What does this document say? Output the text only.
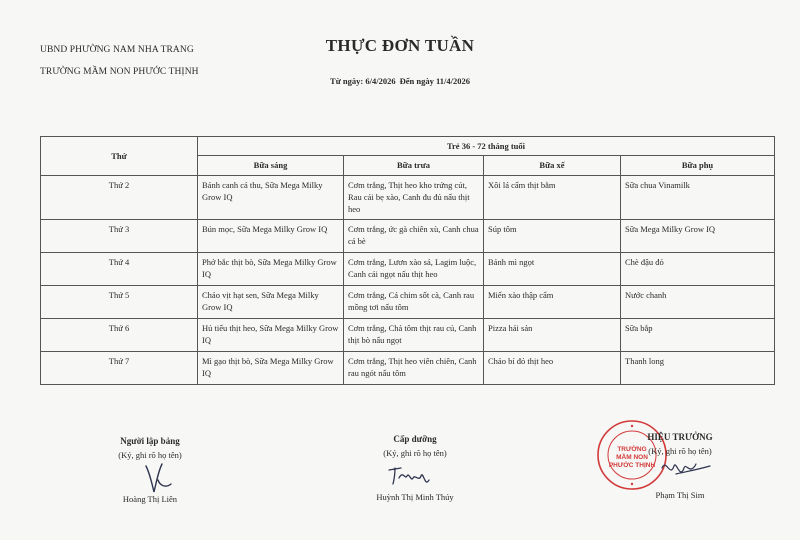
UBND PHƯỜNG NAM NHA TRANG
TRƯỜNG MẦM NON PHƯỚC THỊNH
THỰC ĐƠN TUẦN
Từ ngày: 6/4/2026 Đến ngày 11/4/2026
Thứ	Trẻ 36 - 72 tháng tuổi			
	Bữa sáng	Bữa trưa	Bữa xế	Bữa phụ
Thứ 2	Bánh canh cá thu, Sữa Mega Milky Grow IQ	Cơm trắng, Thịt heo kho trứng cút, Rau cải bẹ xào, Canh đu đủ nấu thịt heo	Xôi lá cẩm thịt bằm	Sữa chua Vinamilk
Thứ 3	Bún mọc, Sữa Mega Milky Grow IQ	Cơm trắng, ức gà chiên xù, Canh chua cá bè	Súp tôm	Sữa Mega Milky Grow IQ
Thứ 4	Phở bắc thịt bò, Sữa Mega Milky Grow IQ	Cơm trắng, Lươn xào sả, Lagim luộc, Canh cải ngọt nấu thịt heo	Bánh mì ngọt	Chè đậu đỏ
Thứ 5	Cháo vịt hạt sen, Sữa Mega Milky Grow IQ	Cơm trắng, Cá chim sốt cà, Canh rau mồng tơi nấu tôm	Miến xào thập cẩm	Nước chanh
Thứ 6	Hủ tiếu thịt heo, Sữa Mega Milky Grow IQ	Cơm trắng, Chả tôm thịt rau củ, Canh thịt bò nấu ngọt	Pizza hải sản	Sữa bắp
Thứ 7	Mì gạo thịt bò, Sữa Mega Milky Grow IQ	Cơm trắng, Thịt heo viên chiên, Canh rau ngót nấu tôm	Cháo bí đỏ thịt heo	Thanh long
Người lập bảng
(Ký, ghi rõ họ tên)
Hoàng Thị Liên
Cấp dưỡng
(Ký, ghi rõ họ tên)
Huỳnh Thị Minh Thúy
TRƯỜNG
MẦM NON
PHƯỚC THỊNH
HIỆU TRƯỞNG
(Ký, ghi rõ họ tên)
Phạm Thị Sim
